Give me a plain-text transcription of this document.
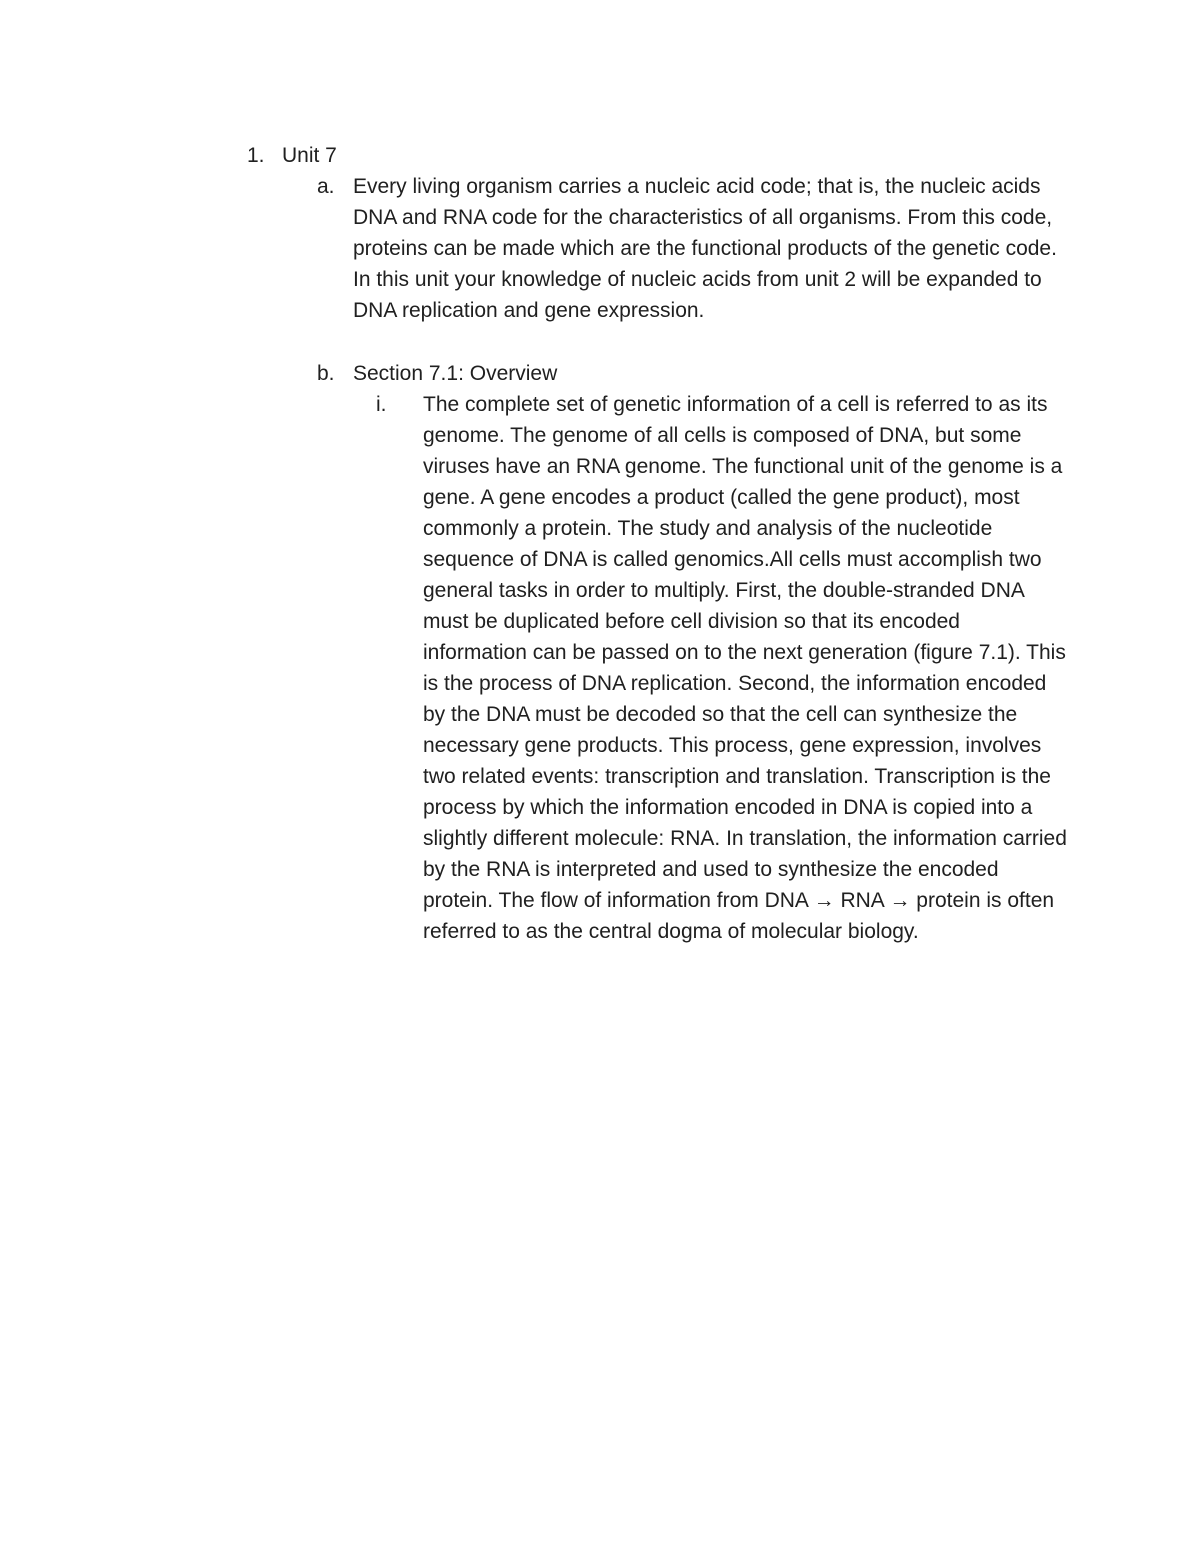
1. Unit 7
a. Every living organism carries a nucleic acid code; that is, the nucleic acids DNA and RNA code for the characteristics of all organisms. From this code, proteins can be made which are the functional products of the genetic code. In this unit your knowledge of nucleic acids from unit 2 will be expanded to DNA replication and gene expression.
b. Section 7.1: Overview
i.	The complete set of genetic information of a cell is referred to as its genome. The genome of all cells is composed of DNA, but some viruses have an RNA genome. The functional unit of the genome is a gene. A gene encodes a product (called the gene product), most commonly a protein. The study and analysis of the nucleotide sequence of DNA is called genomics.All cells must accomplish two general tasks in order to multiply. First, the double-stranded DNA must be duplicated before cell division so that its encoded information can be passed on to the next generation (figure 7.1). This is the process of DNA replication. Second, the information encoded by the DNA must be decoded so that the cell can synthesize the necessary gene products. This process, gene expression, involves two related events: transcription and translation. Transcription is the process by which the information encoded in DNA is copied into a slightly different molecule: RNA. In translation, the information carried by the RNA is interpreted and used to synthesize the encoded protein. The flow of information from DNA → RNA → protein is often referred to as the central dogma of molecular biology.
